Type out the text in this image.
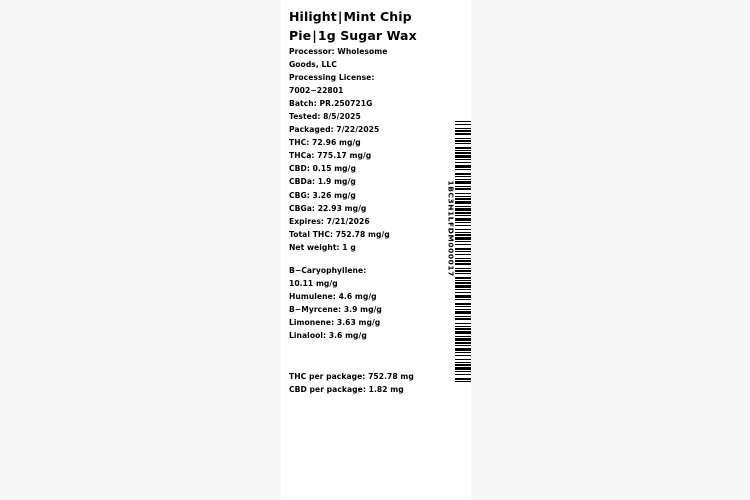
Hilight|Mint Chip Pie|1g Sugar Wax
Processor: Wholesome Goods, LLC
Processing License: 7002−22801
Batch: PR.250721G
Tested: 8/5/2025
Packaged: 7/22/2025
THC: 72.96 mg/g
THCa: 775.17 mg/g
CBD: 0.15 mg/g
CBDa: 1.9 mg/g
CBG: 3.26 mg/g
CBGa: 22.93 mg/g
Expires: 7/21/2026
Total THC: 752.78 mg/g
Net weight: 1 g
B−Caryophyllene: 10.11 mg/g
Humulene: 4.6 mg/g
B−Myrcene: 3.9 mg/g
Limonene: 3.63 mg/g
Linalool: 3.6 mg/g
THC per package: 752.78 mg
CBD per package: 1.82 mg
1BC3H1LFDM000017
